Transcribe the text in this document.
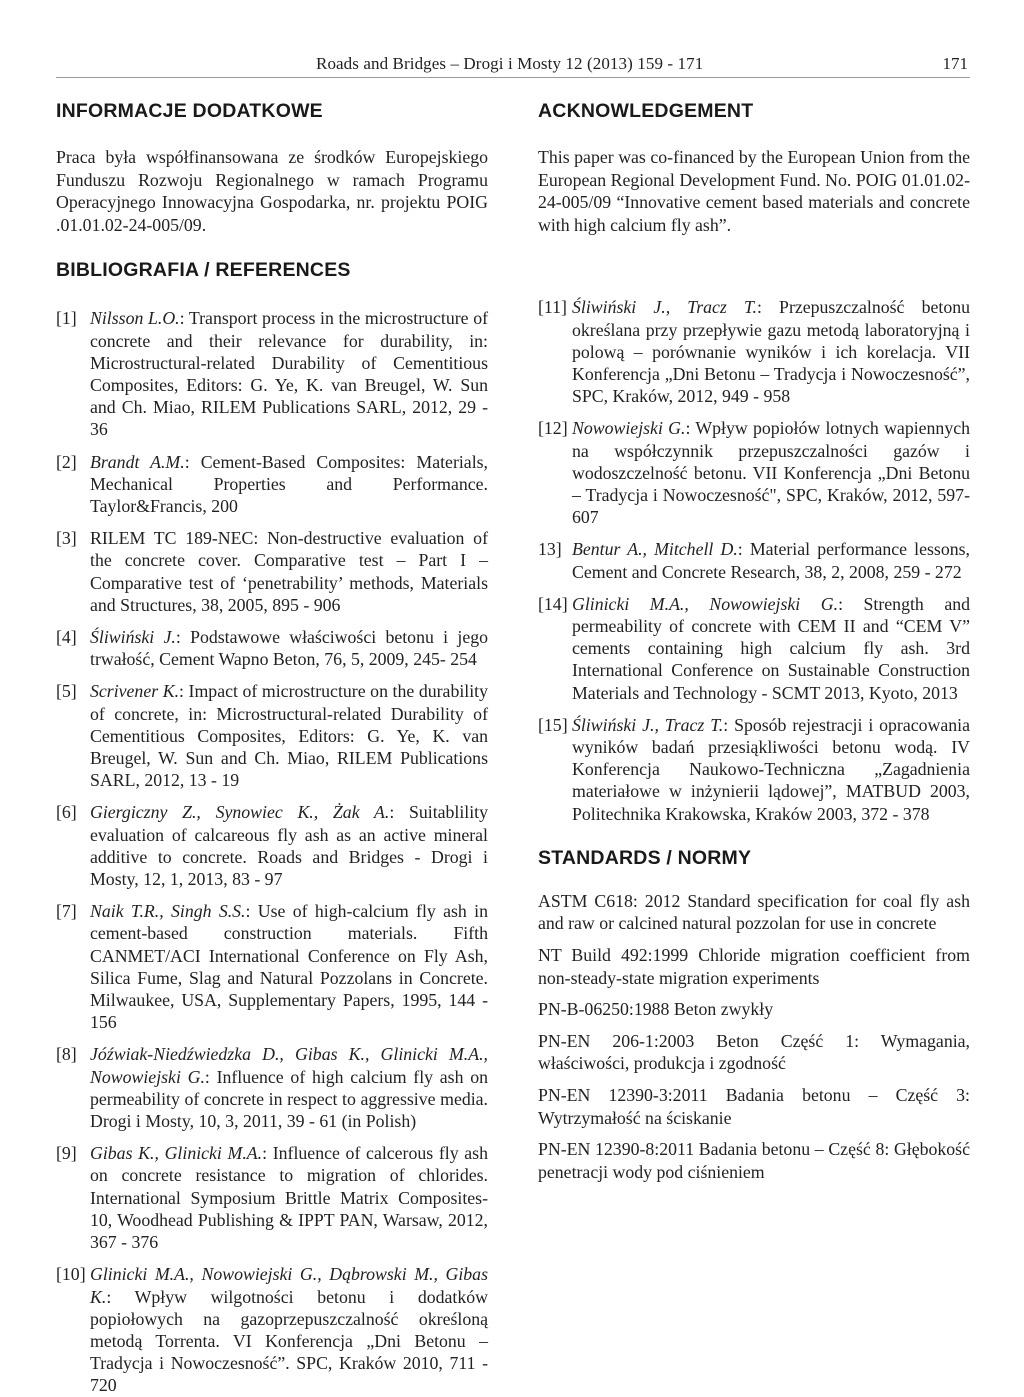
Roads and Bridges – Drogi i Mosty 12 (2013) 159 - 171	171
INFORMACJE DODATKOWE

Praca była współfinansowana ze środków Europejskiego Funduszu Rozwoju Regionalnego w ramach Programu Operacyjnego Innowacyjna Gospodarka, nr. projektu POIG .01.01.02-24-005/09.

BIBLIOGRAFIA / REFERENCES
[1] Nilsson L.O.: Transport process in the microstructure of concrete and their relevance for durability, in: Microstructural-related Durability of Cementitious Composites, Editors: G. Ye, K. van Breugel, W. Sun and Ch. Miao, RILEM Publications SARL, 2012, 29 - 36
[2] Brandt A.M.: Cement-Based Composites: Materials, Mechanical Properties and Performance. Taylor&Francis, 200
[3] RILEM TC 189-NEC: Non-destructive evaluation of the concrete cover. Comparative test – Part I – Comparative test of ‘penetrability’ methods, Materials and Structures, 38, 2005, 895 - 906
[4] Śliwiński J.: Podstawowe właściwości betonu i jego trwałość, Cement Wapno Beton, 76, 5, 2009, 245- 254
[5] Scrivener K.: Impact of microstructure on the durability of concrete, in: Microstructural-related Durability of Cementitious Composites, Editors: G. Ye, K. van Breugel, W. Sun and Ch. Miao, RILEM Publications SARL, 2012, 13 - 19
[6] Giergiczny Z., Synowiec K., Żak A.: Suitablility evaluation of calcareous fly ash as an active mineral additive to concrete. Roads and Bridges - Drogi i Mosty, 12, 1, 2013, 83 - 97
[7] Naik T.R., Singh S.S.: Use of high-calcium fly ash in cement-based construction materials. Fifth CANMET/ACI International Conference on Fly Ash, Silica Fume, Slag and Natural Pozzolans in Concrete. Milwaukee, USA, Supplementary Papers, 1995, 144 - 156
[8] Jóźwiak-Niedźwiedzka D., Gibas K., Glinicki M.A., Nowowiejski G.: Influence of high calcium fly ash on permeability of concrete in respect to aggressive media. Drogi i Mosty, 10, 3, 2011, 39 - 61 (in Polish)
[9] Gibas K., Glinicki M.A.: Influence of calcerous fly ash on concrete resistance to migration of chlorides. International Symposium Brittle Matrix Composites-10, Woodhead Publishing & IPPT PAN, Warsaw, 2012, 367 - 376
[10] Glinicki M.A., Nowowiejski G., Dąbrowski M., Gibas K.: Wpływ wilgotności betonu i dodatków popiołowych na gazoprzepuszczalność określoną metodą Torrenta. VI Konferencja „Dni Betonu – Tradycja i Nowoczesność”. SPC, Kraków 2010, 711 - 720
ACKNOWLEDGEMENT

This paper was co-financed by the European Union from the European Regional Development Fund. No. POIG 01.01.02-24-005/09 “Innovative cement based materials and concrete with high calcium fly ash”.

[11] Śliwiński J., Tracz T.: Przepuszczalność betonu określana przy przepływie gazu metodą laboratoryjną i polową – porównanie wyników i ich korelacja. VII Konferencja „Dni Betonu – Tradycja i Nowoczesność”, SPC, Kraków, 2012, 949 - 958
[12] Nowowiejski G.: Wpływ popiołów lotnych wapiennych na współczynnik przepuszczalności gazów i wodoszczelność betonu. VII Konferencja „Dni Betonu – Tradycja i Nowoczesność", SPC, Kraków, 2012, 597-607
13] Bentur A., Mitchell D.: Material performance lessons, Cement and Concrete Research, 38, 2, 2008, 259 - 272
[14] Glinicki M.A., Nowowiejski G.: Strength and permeability of concrete with CEM II and “CEM V” cements containing high calcium fly ash. 3rd International Conference on Sustainable Construction Materials and Technology - SCMT 2013, Kyoto, 2013
[15] Śliwiński J., Tracz T.: Sposób rejestracji i opracowania wyników badań przesiąkliwości betonu wodą. IV Konferencja Naukowo-Techniczna „Zagadnienia materiałowe w inżynierii lądowej”, MATBUD 2003, Politechnika Krakowska, Kraków 2003, 372 - 378
STANDARDS / NORMY

ASTM C618: 2012 Standard specification for coal fly ash and raw or calcined natural pozzolan for use in concrete

NT Build 492:1999 Chloride migration coefficient from non-steady-state migration experiments

PN-B-06250:1988 Beton zwykły

PN-EN 206-1:2003 Beton Część 1: Wymagania, właściwości, produkcja i zgodność

PN-EN 12390-3:2011 Badania betonu – Część 3: Wytrzymałość na ściskanie

PN-EN 12390-8:2011 Badania betonu – Część 8: Głębokość penetracji wody pod ciśnieniem
